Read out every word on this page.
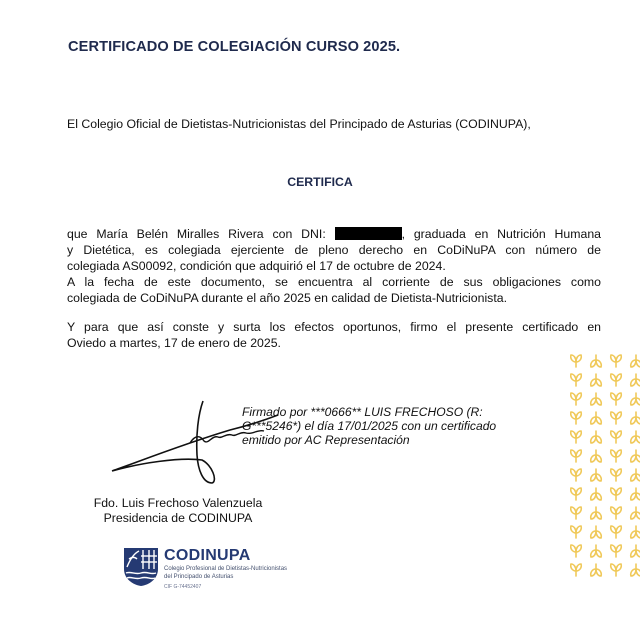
CERTIFICADO DE COLEGIACIÓN CURSO 2025.
El Colegio Oficial de Dietistas-Nutricionistas del Principado de Asturias (CODINUPA),
CERTIFICA
que María Belén Miralles Rivera con DNI:	, graduada en Nutrición Humana
y Dietética, es colegiada ejerciente de pleno derecho en CoDiNuPA con número de
colegiada AS00092, condición que adquirió el 17 de octubre de 2024.
A la fecha de este documento, se encuentra al corriente de sus obligaciones como
colegiada de CoDiNuPA durante el año 2025 en calidad de Dietista-Nutricionista.
Y para que así conste y surta los efectos oportunos, firmo el presente certificado en
Oviedo a martes, 17 de enero de 2025.
Firmado por ***0666** LUIS FRECHOSO (R:
G***5246*) el día 17/01/2025 con un certificado
emitido por AC Representación
Fdo. Luis Frechoso Valenzuela
Presidencia de CODINUPA
CODINUPA
Colegio Profesional de Dietistas-Nutricionistas
del Principado de Asturias
CIF G-74452407
